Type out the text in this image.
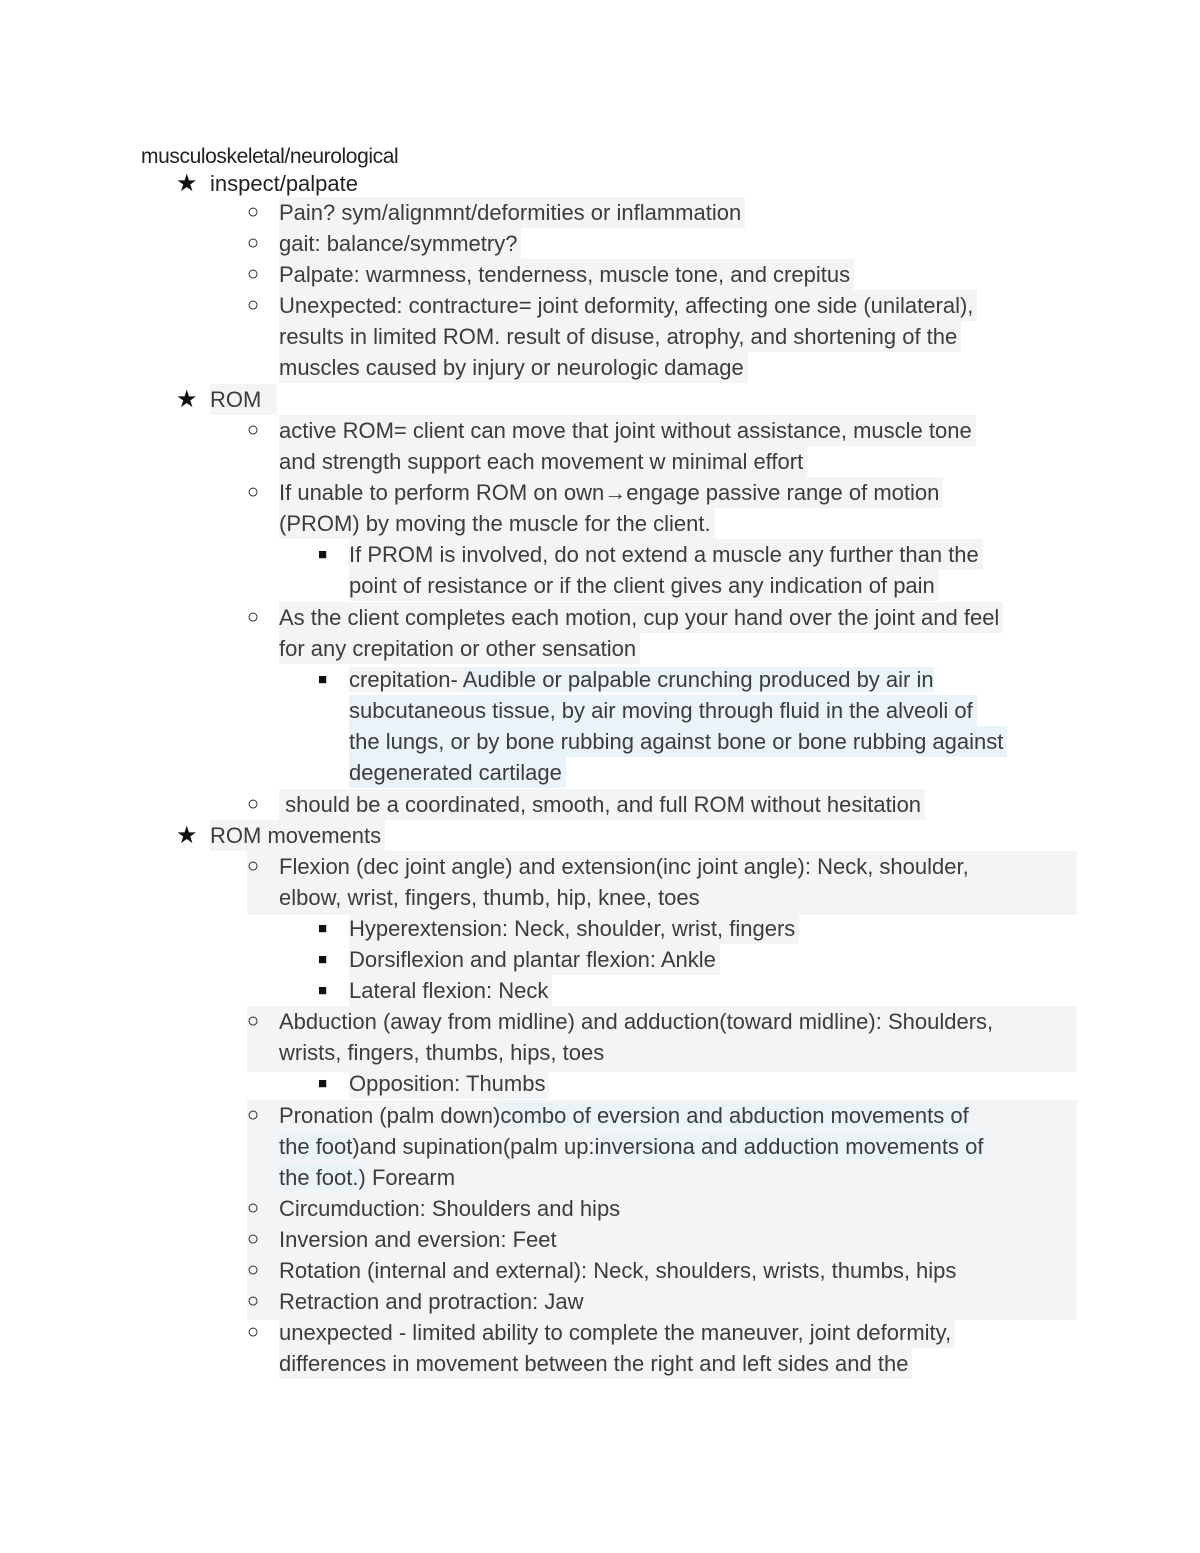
musculoskeletal/neurological
★ inspect/palpate
○ Pain? sym/alignmnt/deformities or inflammation
○ gait: balance/symmetry?
○ Palpate: warmness, tenderness, muscle tone, and crepitus
○ Unexpected: contracture= joint deformity, affecting one side (unilateral),
results in limited ROM. result of disuse, atrophy, and shortening of the
muscles caused by injury or neurologic damage
★ ROM
○ active ROM= client can move that joint without assistance, muscle tone
and strength support each movement w minimal effort
○ If unable to perform ROM on own→engage passive range of motion
(PROM) by moving the muscle for the client.
■ If PROM is involved, do not extend a muscle any further than the
point of resistance or if the client gives any indication of pain
○ As the client completes each motion, cup your hand over the joint and feel
for any crepitation or other sensation
■ crepitation- Audible or palpable crunching produced by air in
subcutaneous tissue, by air moving through fluid in the alveoli of
the lungs, or by bone rubbing against bone or bone rubbing against
degenerated cartilage
○ should be a coordinated, smooth, and full ROM without hesitation
★ ROM movements
○ Flexion (dec joint angle) and extension(inc joint angle): Neck, shoulder,
elbow, wrist, fingers, thumb, hip, knee, toes
■ Hyperextension: Neck, shoulder, wrist, fingers
■ Dorsiflexion and plantar flexion: Ankle
■ Lateral flexion: Neck
○ Abduction (away from midline) and adduction(toward midline): Shoulders,
wrists, fingers, thumbs, hips, toes
■ Opposition: Thumbs
○ Pronation (palm down)combo of eversion and abduction movements of
the foot)and supination(palm up:inversiona and adduction movements of
the foot.) Forearm
○ Circumduction: Shoulders and hips
○ Inversion and eversion: Feet
○ Rotation (internal and external): Neck, shoulders, wrists, thumbs, hips
○ Retraction and protraction: Jaw
○ unexpected - limited ability to complete the maneuver, joint deformity,
differences in movement between the right and left sides and the
